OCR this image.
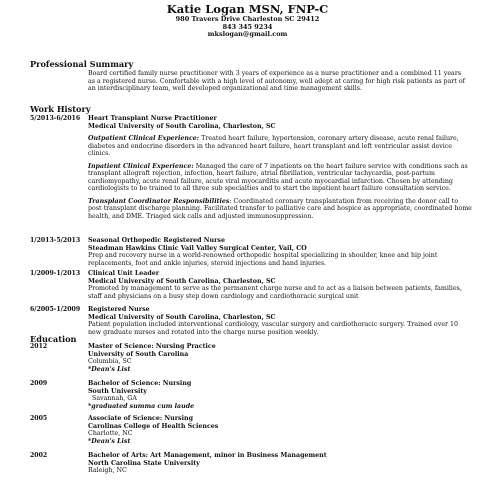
Katie Logan MSN, FNP-C
980 Travers Drive Charleston SC 29412
843 345 9234
mkslogan@gmail.com
Professional Summary
Board certified family nurse practitioner with 3 years of experience as a nurse practitioner and a combined 11 years as a registered nurse. Comfortable with a high level of autonomy, well adept at caring for high risk patients as part of an interdisciplinary team, well developed organizational and time management skills.
Work History
5/2013-6/2016 Heart Transplant Nurse Practitioner
Medical University of South Carolina, Charleston, SC

Outpatient Clinical Experience: Treated heart failure, hypertension, coronary artery disease, acute renal failure, diabetes and endocrine disorders in the advanced heart failure, heart transplant and left ventricular assist device clinics.

Inpatient Clinical Experience: Managed the care of 7 inpatients on the heart failure service with conditions such as transplant allograft rejection, infection, heart failure, atrial fibrillation, ventricular tachycardia, post-partum cardiomyopathy, acute renal failure, acute viral myocarditis and acute myocardial infarction. Chosen by attending cardiologists to be trained to all three sub specialties and to start the inpatient heart failure consultation service.

Transplant Coordinator Responsibilities: Coordinated coronary transplantation from receiving the donor call to post transplant discharge planning. Facilitated transfer to palliative care and hospice as appropriate, coordinated home health, and DME. Triaged sick calls and adjusted immunosuppression.

1/2013-5/2013 Seasonal Orthopedic Registered Nurse
Steadman Hawkins Clinic Vail Valley Surgical Center, Vail, CO
Prep and recovery nurse in a world-renowned orthopedic hospital specializing in shoulder, knee and hip joint replacements, foot and ankle injuries, steroid injections and hand injuries.
1/2009-1/2013 Clinical Unit Leader
Medical University of South Carolina, Charleston, SC
Promoted by management to serve as the permanent charge nurse and to act as a liaison between patients, families, staff and physicians on a busy step down cardiology and cardiothoracic surgical unit
6/2005-1/2009 Registered Nurse
Medical University of South Carolina, Charleston, SC
Patient population included interventional cardiology, vascular surgery and cardiothoracic surgery. Trained over 10 new graduate nurses and rotated into the charge nurse position weekly.
Education
2012	Master of Science: Nursing Practice
University of South Carolina
Columbia, SC
*Dean's List
2009	Bachelor of Science: Nursing
South University
Savannah, GA
*graduated summa cum laude
2005	Associate of Science: Nursing
Carolinas College of Health Sciences
Charlotte, NC
*Dean's List
2002	Bachelor of Arts: Art Management, minor in Business Management
North Carolina State University
Raleigh, NC
